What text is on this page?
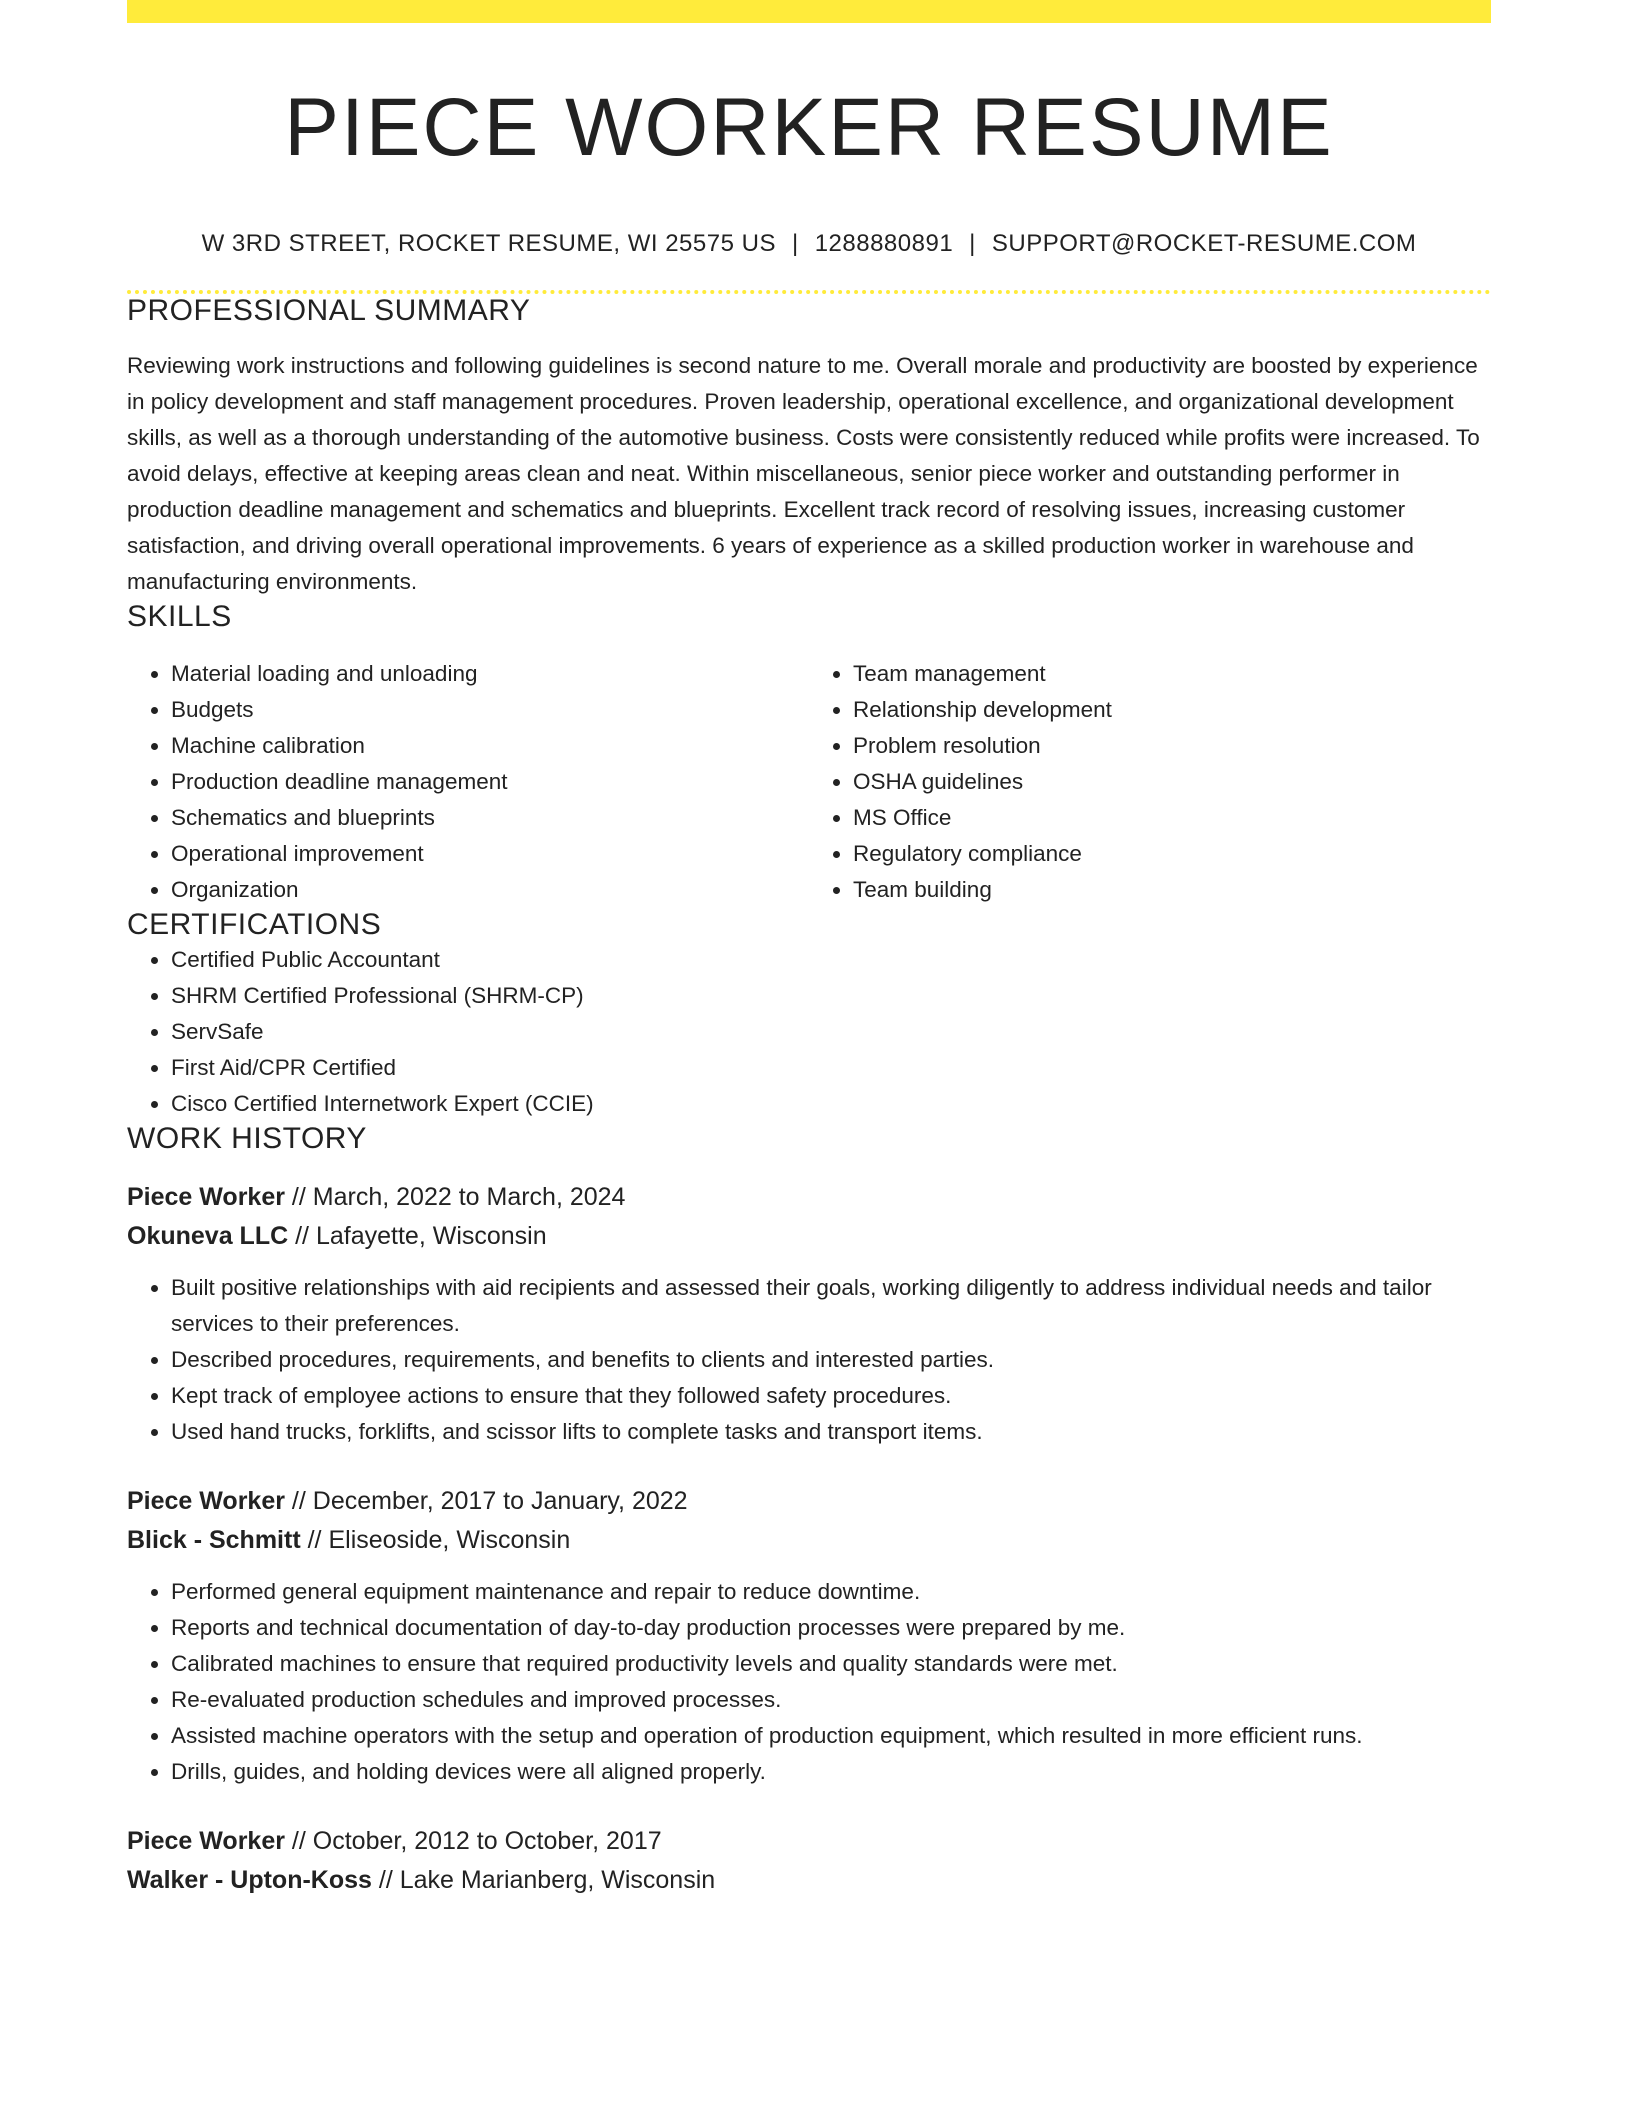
PIECE WORKER RESUME
W 3RD STREET, ROCKET RESUME, WI 25575 US | 1288880891 | SUPPORT@ROCKET-RESUME.COM
PROFESSIONAL SUMMARY
Reviewing work instructions and following guidelines is second nature to me. Overall morale and productivity are boosted by experience in policy development and staff management procedures. Proven leadership, operational excellence, and organizational development skills, as well as a thorough understanding of the automotive business. Costs were consistently reduced while profits were increased. To avoid delays, effective at keeping areas clean and neat. Within miscellaneous, senior piece worker and outstanding performer in production deadline management and schematics and blueprints. Excellent track record of resolving issues, increasing customer satisfaction, and driving overall operational improvements. 6 years of experience as a skilled production worker in warehouse and manufacturing environments.
SKILLS
• Material loading and unloading
• Budgets
• Machine calibration
• Production deadline management
• Schematics and blueprints
• Operational improvement
• Organization
• Team management
• Relationship development
• Problem resolution
• OSHA guidelines
• MS Office
• Regulatory compliance
• Team building
CERTIFICATIONS
• Certified Public Accountant
• SHRM Certified Professional (SHRM-CP)
• ServSafe
• First Aid/CPR Certified
• Cisco Certified Internetwork Expert (CCIE)
WORK HISTORY
Piece Worker // March, 2022 to March, 2024
Okuneva LLC // Lafayette, Wisconsin
• Built positive relationships with aid recipients and assessed their goals, working diligently to address individual needs and tailor services to their preferences.
• Described procedures, requirements, and benefits to clients and interested parties.
• Kept track of employee actions to ensure that they followed safety procedures.
• Used hand trucks, forklifts, and scissor lifts to complete tasks and transport items.
Piece Worker // December, 2017 to January, 2022
Blick - Schmitt // Eliseoside, Wisconsin
• Performed general equipment maintenance and repair to reduce downtime.
• Reports and technical documentation of day-to-day production processes were prepared by me.
• Calibrated machines to ensure that required productivity levels and quality standards were met.
• Re-evaluated production schedules and improved processes.
• Assisted machine operators with the setup and operation of production equipment, which resulted in more efficient runs.
• Drills, guides, and holding devices were all aligned properly.
Piece Worker // October, 2012 to October, 2017
Walker - Upton-Koss // Lake Marianberg, Wisconsin
